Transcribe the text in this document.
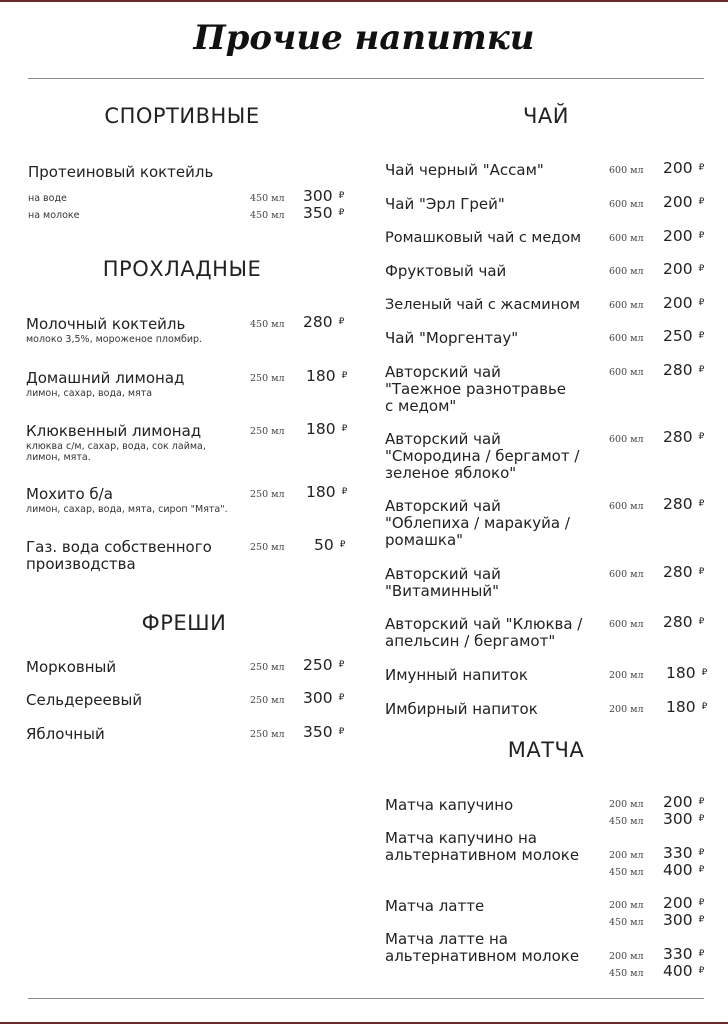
Прочие напитки
СПОРТИВНЫЕ
Протеиновый коктейль
на воде	450 мл 300 ₽
на молоке	450 мл 350 ₽
ПРОХЛАДНЫЕ
Молочный коктейль
молоко 3,5%, мороженое пломбир.
450 мл 280 ₽
Домашний лимонад
лимон, сахар, вода, мята
250 мл 180 ₽
Клюквенный лимонад
клюква с/м, сахар, вода, сок лайма,
лимон, мята.
250 мл 180 ₽
Мохито б/а
лимон, сахар, вода, мята, сироп "Мята".
250 мл 180 ₽
Газ. вода собственного
производства
250 мл 50 ₽
ФРЕШИ
Морковный	250 мл 250 ₽
Сельдереевый	250 мл 300 ₽
Яблочный	250 мл 350 ₽
ЧАЙ
Чай черный "Ассам"	600 мл 200 ₽
Чай "Эрл Грей"	600 мл 200 ₽
Ромашковый чай с медом	600 мл 200 ₽
Фруктовый чай	600 мл 200 ₽
Зеленый чай с жасмином	600 мл 200 ₽
Чай "Моргентау"	600 мл 250 ₽
Авторский чай
"Таежное разнотравье
с медом"
600 мл 280 ₽
Авторский чай
"Смородина / бергамот /
зеленое яблоко"
600 мл 280 ₽
Авторский чай
"Облепиха / маракуйа /
ромашка"
600 мл 280 ₽
Авторский чай
"Витаминный"
600 мл 280 ₽
Авторский чай "Клюква /
апельсин / бергамот"
600 мл 280 ₽
Имунный напиток	200 мл 180 ₽
Имбирный напиток	200 мл 180 ₽
МАТЧА
Матча капучино	200 мл 200 ₽
450 мл 300 ₽
Матча капучино на
альтернативном молоке	200 мл 330 ₽
450 мл 400 ₽
Матча латте	200 мл 200 ₽
450 мл 300 ₽
Матча латте на
альтернативном молоке	200 мл 330 ₽
450 мл 400 ₽
